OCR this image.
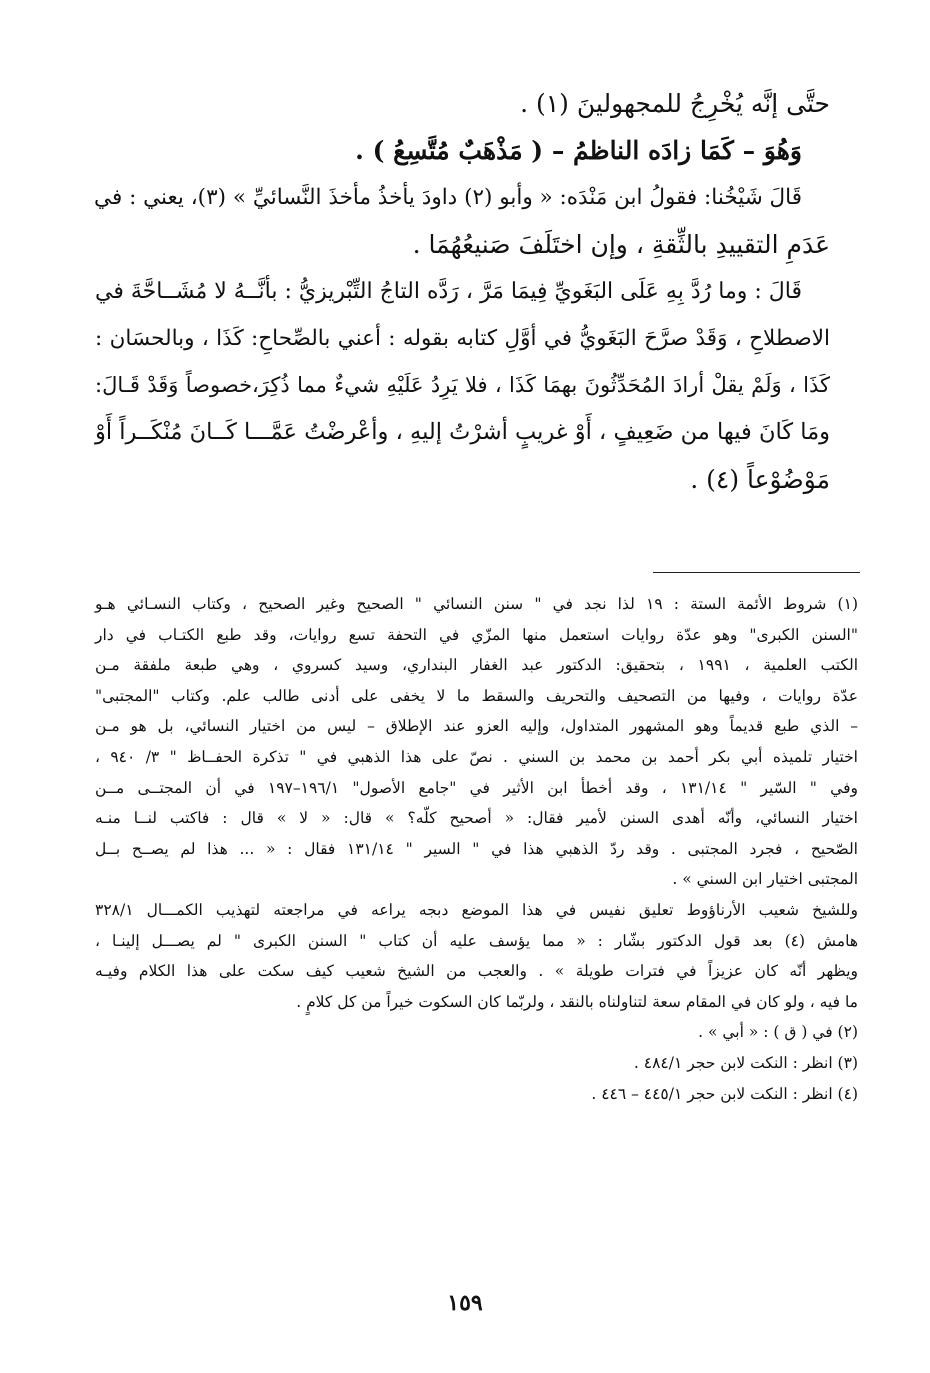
حتَّى إنَّه يُخْرِجُ للمجهولينَ (١) .
وَهُوَ – كَمَا زادَه الناظمُ – ( مَذْهَبٌ مُتَّسِعُ ) .
قَالَ شَيْخُنا: فقولُ ابن مَنْدَه: « وأبو (٢) داودَ يأخذُ مأخذَ النَّسائيِّ » (٣)، يعني : في
عَدَمِ التقييدِ بالثِّقةِ ، وإن اختَلَفَ صَنيعُهُمَا .
قَالَ : وما رُدَّ بِهِ عَلَى البَغَويِّ فِيمَا مَرَّ ، رَدَّه التاجُ التِّبْريزيُّ : بأنَّــهُ لا مُشَــاحَّةَ في
الاصطلاحِ ، وَقَدْ صرَّحَ البَغَويُّ في أوَّلِ كتابه بقوله : أعني بالصِّحاحِ: كَذَا ، وبالحسَان :
كَذَا ، وَلَمْ يقلْ أرادَ المُحَدِّثُونَ بهمَا كَذَا ، فلا يَرِدُ عَلَيْهِ شيءٌ مما ذُكِرَ،خصوصاً وَقَدْ قَـالَ:
ومَا كَانَ فيها من ضَعِيفٍ ، أَوْ غريبٍ أشرْتُ إليهِ ، وأعْرضْتُ عَمَّـــا كَــانَ مُنْكَــراً أَوْ
مَوْضُوْعاً (٤) .
(١) شروط الأئمة الستة : ١٩ لذا نجد في " سنن النسائي " الصحيح وغير الصحيح ، وكتاب النسـائي هـو
"السنن الكبرى" وهو عدّة روايات استعمل منها المزّي في التحفة تسع روايات، وقد طبع الكتـاب في دار
الكتب العلمية ، ١٩٩١ ، بتحقيق: الدكتور عبد الغفار البنداري، وسيد كسروي ، وهي طبعة ملفقة مـن
عدّة روايات ، وفيها من التصحيف والتحريف والسقط ما لا يخفى على أدنى طالب علم. وكتاب "المجتبى"
– الذي طبع قديماً وهو المشهور المتداول، وإليه العزو عند الإطلاق – ليس من اختيار النسائي، بل هو مـن
اختيار تلميذه أبي بكر أحمد بن محمد بن السني . نصّ على هذا الذهبي في " تذكرة الحفــاظ " ٣/ ٩٤٠ ،
وفي " السّير " ١٣١/١٤ ، وقد أخطأ ابن الأثير في "جامع الأصول" ١٩٦/١–١٩٧ في أن المجتــى مــن
اختيار النسائي، وأنّه أهدى السنن لأمير فقال: « أصحيح كلّه؟ » قال: « لا » قال : فاكتب لنــا منـه
الصّحيح ، فجرد المجتبى . وقد ردّ الذهبي هذا في " السير " ١٣١/١٤ فقال : « ... هذا لم يصــح بــل
المجتبى اختيار ابن السني » .
وللشيخ شعيب الأرناؤوط تعليق نفيس في هذا الموضع دبجه يراعه في مراجعته لتهذيب الكمـــال ٣٢٨/١
هامش (٤) بعد قول الدكتور بشّار : « مما يؤسف عليه أن كتاب " السنن الكبرى " لم يصـــل إلينـا ،
ويظهر أنّه كان عزيزاً في فترات طويلة » . والعجب من الشيخ شعيب كيف سكت على هذا الكلام وفيـه
ما فيه ، ولو كان في المقام سعة لتناولناه بالنقد ، ولربّما كان السكوت خيراً من كل كلامٍ .
(٢) في ( ق ) : « أبي » .
(٣) انظر : النكت لابن حجر ٤٨٤/١ .
(٤) انظر : النكت لابن حجر ٤٤٥/١ – ٤٤٦ .
١٥٩
